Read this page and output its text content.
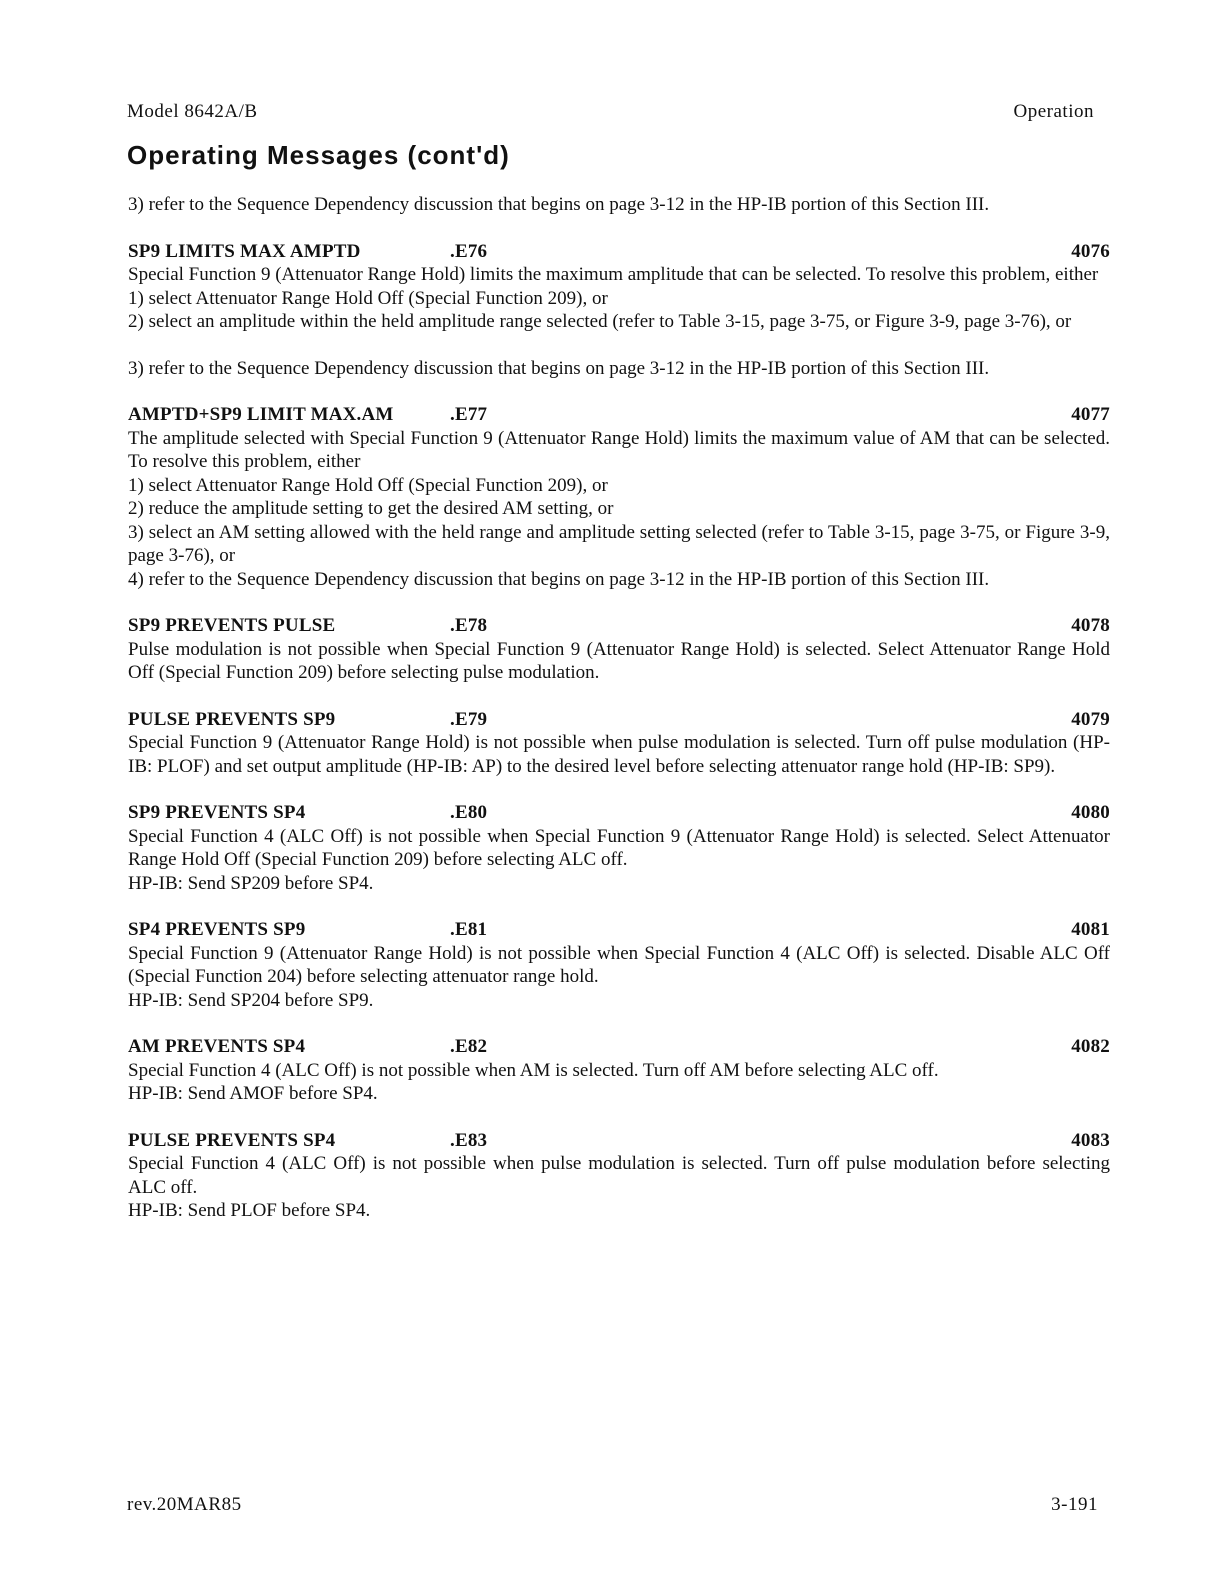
Model 8642A/B	Operation
Operating Messages (cont'd)

3) refer to the Sequence Dependency discussion that begins on page 3-12 in the HP-IB portion of this Section III.

SP9 LIMITS MAX AMPTD	.E76	4076

Special Function 9 (Attenuator Range Hold) limits the maximum amplitude that can be selected. To resolve this problem, either

1) select Attenuator Range Hold Off (Special Function 209), or

2) select an amplitude within the held amplitude range selected (refer to Table 3-15, page 3-75, or Figure 3-9, page 3-76), or

3) refer to the Sequence Dependency discussion that begins on page 3-12 in the HP-IB portion of this Section III.

AMPTD+SP9 LIMIT MAX.AM	.E77	4077

The amplitude selected with Special Function 9 (Attenuator Range Hold) limits the maximum value of AM that can be selected. To resolve this problem, either

1) select Attenuator Range Hold Off (Special Function 209), or

2) reduce the amplitude setting to get the desired AM setting, or

3) select an AM setting allowed with the held range and amplitude setting selected (refer to Table 3-15, page 3-75, or Figure 3-9, page 3-76), or

4) refer to the Sequence Dependency discussion that begins on page 3-12 in the HP-IB portion of this Section III.

SP9 PREVENTS PULSE	.E78	4078

Pulse modulation is not possible when Special Function 9 (Attenuator Range Hold) is selected. Select Attenuator Range Hold Off (Special Function 209) before selecting pulse modulation.

PULSE PREVENTS SP9	.E79	4079

Special Function 9 (Attenuator Range Hold) is not possible when pulse modulation is selected. Turn off pulse modulation (HP-IB: PLOF) and set output amplitude (HP-IB: AP) to the desired level before selecting attenuator range hold (HP-IB: SP9).

SP9 PREVENTS SP4	.E80	4080

Special Function 4 (ALC Off) is not possible when Special Function 9 (Attenuator Range Hold) is selected. Select Attenuator Range Hold Off (Special Function 209) before selecting ALC off.

HP-IB: Send SP209 before SP4.

SP4 PREVENTS SP9	.E81	4081

Special Function 9 (Attenuator Range Hold) is not possible when Special Function 4 (ALC Off) is selected. Disable ALC Off (Special Function 204) before selecting attenuator range hold.

HP-IB: Send SP204 before SP9.

AM PREVENTS SP4	.E82	4082

Special Function 4 (ALC Off) is not possible when AM is selected. Turn off AM before selecting ALC off.

HP-IB: Send AMOF before SP4.

PULSE PREVENTS SP4	.E83	4083

Special Function 4 (ALC Off) is not possible when pulse modulation is selected. Turn off pulse modulation before selecting ALC off.

HP-IB: Send PLOF before SP4.

rev.20MAR85	3-191
